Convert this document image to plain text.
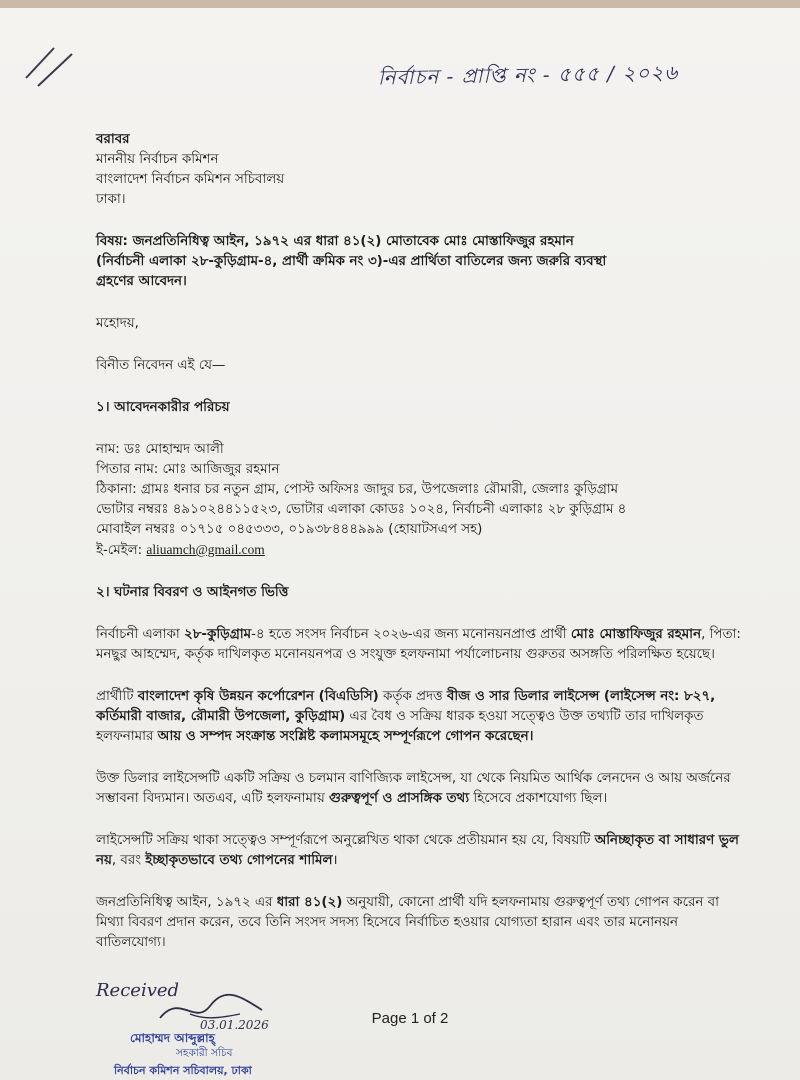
নির্বাচন - প্রাপ্তি নং - ৫৫৫ / ২০২৬

বরাবর

মাননীয় নির্বাচন কমিশন

বাংলাদেশ নির্বাচন কমিশন সচিবালয়

ঢাকা।

বিষয়: জনপ্রতিনিধিত্ব আইন, ১৯৭২ এর ধারা ৪১(২) মোতাবেক মোঃ মোস্তাফিজুর রহমান

(নির্বাচনী এলাকা ২৮-কুড়িগ্রাম-৪, প্রার্থী ক্রমিক নং ৩)-এর প্রার্থিতা বাতিলের জন্য জরুরি ব্যবস্থা

গ্রহণের আবেদন।

মহোদয়,

বিনীত নিবেদন এই যে—

১। আবেদনকারীর পরিচয়

নাম: ডঃ মোহাম্মদ আলী

পিতার নাম: মোঃ আজিজুর রহমান

ঠিকানা: গ্রামঃ ধনার চর নতুন গ্রাম, পোস্ট অফিসঃ জাদুর চর, উপজেলাঃ রৌমারী, জেলাঃ কুড়িগ্রাম

ভোটার নম্বরঃ ৪৯১০২৪৪১১৫২৩, ভোটার এলাকা কোডঃ ১০২৪, নির্বাচনী এলাকাঃ ২৮ কুড়িগ্রাম ৪

মোবাইল নম্বরঃ ০১৭১৫ ০৪৫৩৩৩, ০১৯৩৮৪৪৪৯৯৯ (হোয়াটসএপ সহ)

ই-মেইল: aliuamch@gmail.com

২। ঘটনার বিবরণ ও আইনগত ভিত্তি

নির্বাচনী এলাকা ২৮-কুড়িগ্রাম-৪ হতে সংসদ নির্বাচন ২০২৬-এর জন্য মনোনয়নপ্রাপ্ত প্রার্থী মোঃ মোস্তাফিজুর রহমান, পিতা: মনছুর আহম্মেদ, কর্তৃক দাখিলকৃত মনোনয়নপত্র ও সংযুক্ত হলফনামা পর্যালোচনায় গুরুতর অসঙ্গতি পরিলক্ষিত হয়েছে।

প্রার্থীটি বাংলাদেশ কৃষি উন্নয়ন কর্পোরেশন (বিএডিসি) কর্তৃক প্রদত্ত বীজ ও সার ডিলার লাইসেন্স (লাইসেন্স নং: ৮২৭, কর্তিমারী বাজার, রৌমারী উপজেলা, কুড়িগ্রাম) এর বৈধ ও সক্রিয় ধারক হওয়া সত্ত্বেও উক্ত তথ্যটি তার দাখিলকৃত হলফনামার আয় ও সম্পদ সংক্রান্ত সংশ্লিষ্ট কলামসমূহে সম্পূর্ণরূপে গোপন করেছেন।

উক্ত ডিলার লাইসেন্সটি একটি সক্রিয় ও চলমান বাণিজ্যিক লাইসেন্স, যা থেকে নিয়মিত আর্থিক লেনদেন ও আয় অর্জনের সম্ভাবনা বিদ্যমান। অতএব, এটি হলফনামায় গুরুত্বপূর্ণ ও প্রাসঙ্গিক তথ্য হিসেবে প্রকাশযোগ্য ছিল।

লাইসেন্সটি সক্রিয় থাকা সত্ত্বেও সম্পূর্ণরূপে অনুল্লেখিত থাকা থেকে প্রতীয়মান হয় যে, বিষয়টি অনিচ্ছাকৃত বা সাধারণ ভুল নয়, বরং ইচ্ছাকৃতভাবে তথ্য গোপনের শামিল।

জনপ্রতিনিধিত্ব আইন, ১৯৭২ এর ধারা ৪১(২) অনুযায়ী, কোনো প্রার্থী যদি হলফনামায় গুরুত্বপূর্ণ তথ্য গোপন করেন বা মিথ্যা বিবরণ প্রদান করেন, তবে তিনি সংসদ সদস্য হিসেবে নির্বাচিত হওয়ার যোগ্যতা হারান এবং তার মনোনয়ন বাতিলযোগ্য।

Received
03.01.2026
মোহাম্মদ আব্দুল্লাহ্
সহকারী সচিব
নির্বাচন কমিশন সচিবালয়, ঢাকা
Page 1 of 2
